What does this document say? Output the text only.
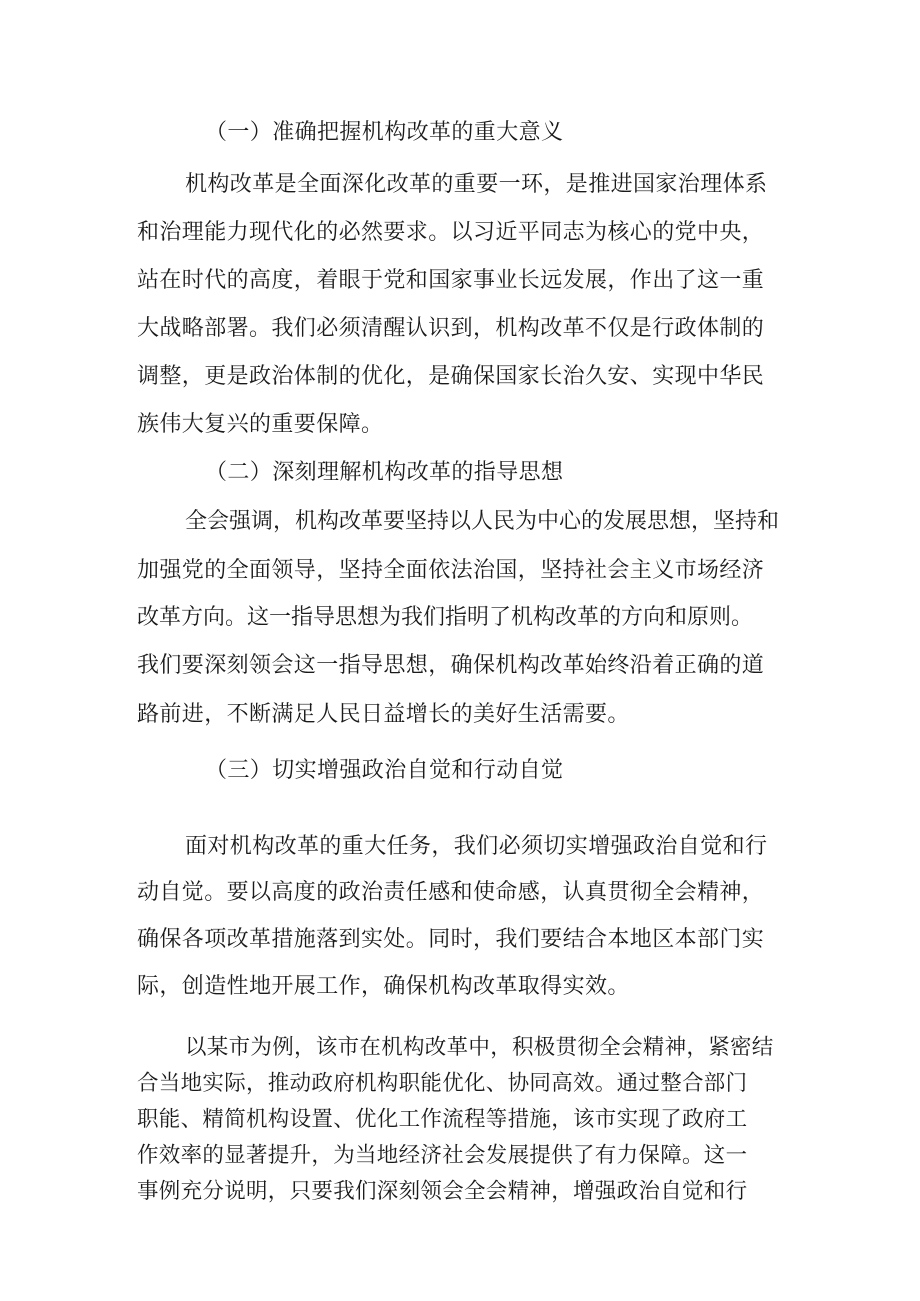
（一）准确把握机构改革的重大意义
机构改革是全面深化改革的重要一环，是推进国家治理体系
和治理能力现代化的必然要求。以习近平同志为核心的党中央，
站在时代的高度，着眼于党和国家事业长远发展，作出了这一重
大战略部署。我们必须清醒认识到，机构改革不仅是行政体制的
调整，更是政治体制的优化，是确保国家长治久安、实现中华民
族伟大复兴的重要保障。
（二）深刻理解机构改革的指导思想
全会强调，机构改革要坚持以人民为中心的发展思想，坚持和
加强党的全面领导，坚持全面依法治国，坚持社会主义市场经济
改革方向。这一指导思想为我们指明了机构改革的方向和原则。
我们要深刻领会这一指导思想，确保机构改革始终沿着正确的道
路前进，不断满足人民日益增长的美好生活需要。
（三）切实增强政治自觉和行动自觉
面对机构改革的重大任务，我们必须切实增强政治自觉和行
动自觉。要以高度的政治责任感和使命感，认真贯彻全会精神，
确保各项改革措施落到实处。同时，我们要结合本地区本部门实
际，创造性地开展工作，确保机构改革取得实效。
以某市为例，该市在机构改革中，积极贯彻全会精神，紧密结
合当地实际，推动政府机构职能优化、协同高效。通过整合部门
职能、精简机构设置、优化工作流程等措施，该市实现了政府工
作效率的显著提升，为当地经济社会发展提供了有力保障。这一
事例充分说明，只要我们深刻领会全会精神，增强政治自觉和行
